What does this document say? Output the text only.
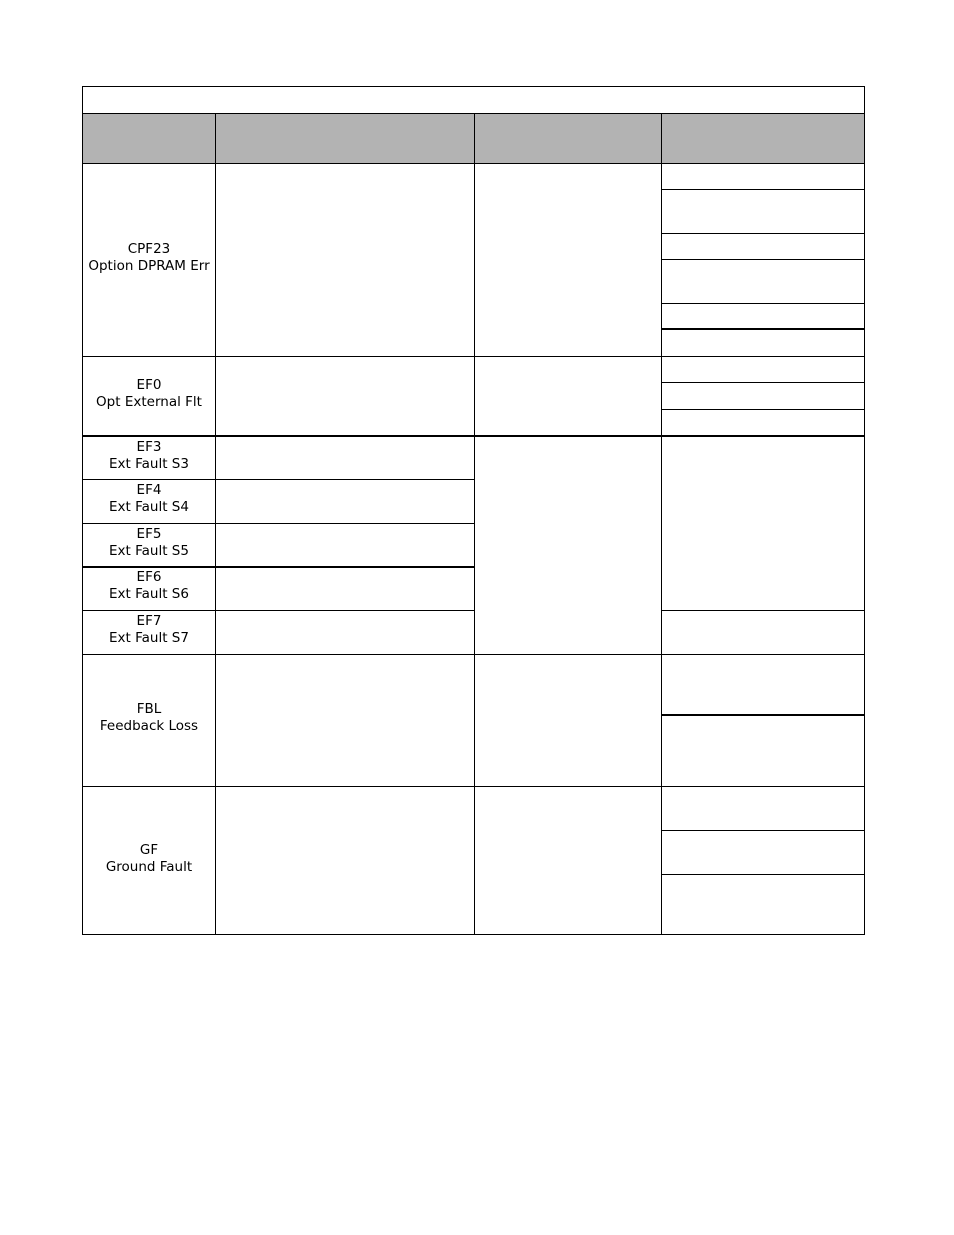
CPF23
Option DPRAM Err
EF0
Opt External Flt
EF3
Ext Fault S3
EF4
Ext Fault S4
EF5
Ext Fault S5
EF6
Ext Fault S6
EF7
Ext Fault S7
FBL
Feedback Loss
GF
Ground Fault
